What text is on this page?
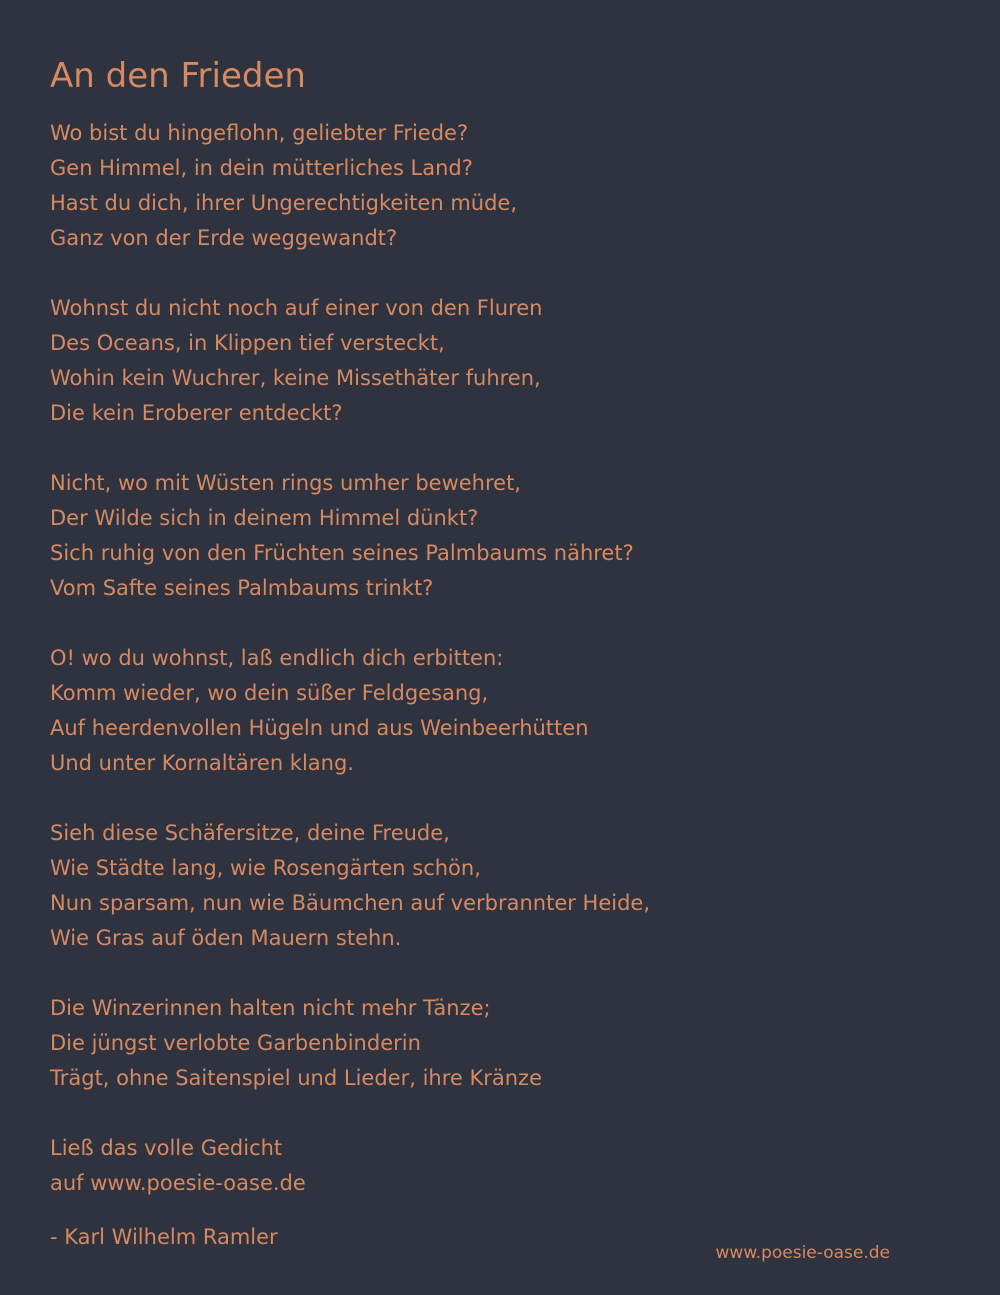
An den Frieden
Wo bist du hingeflohn, geliebter Friede?
Gen Himmel, in dein mütterliches Land?
Hast du dich, ihrer Ungerechtigkeiten müde,
Ganz von der Erde weggewandt?
Wohnst du nicht noch auf einer von den Fluren
Des Oceans, in Klippen tief versteckt,
Wohin kein Wuchrer, keine Missethäter fuhren,
Die kein Eroberer entdeckt?
Nicht, wo mit Wüsten rings umher bewehret,
Der Wilde sich in deinem Himmel dünkt?
Sich ruhig von den Früchten seines Palmbaums nähret?
Vom Safte seines Palmbaums trinkt?
O! wo du wohnst, laß endlich dich erbitten:
Komm wieder, wo dein süßer Feldgesang,
Auf heerdenvollen Hügeln und aus Weinbeerhütten
Und unter Kornaltären klang.
Sieh diese Schäfersitze, deine Freude,
Wie Städte lang, wie Rosengärten schön,
Nun sparsam, nun wie Bäumchen auf verbrannter Heide,
Wie Gras auf öden Mauern stehn.
Die Winzerinnen halten nicht mehr Tänze;
Die jüngst verlobte Garbenbinderin
Trägt, ohne Saitenspiel und Lieder, ihre Kränze
Ließ das volle Gedicht
auf www.poesie-oase.de
- Karl Wilhelm Ramler
www.poesie-oase.de
